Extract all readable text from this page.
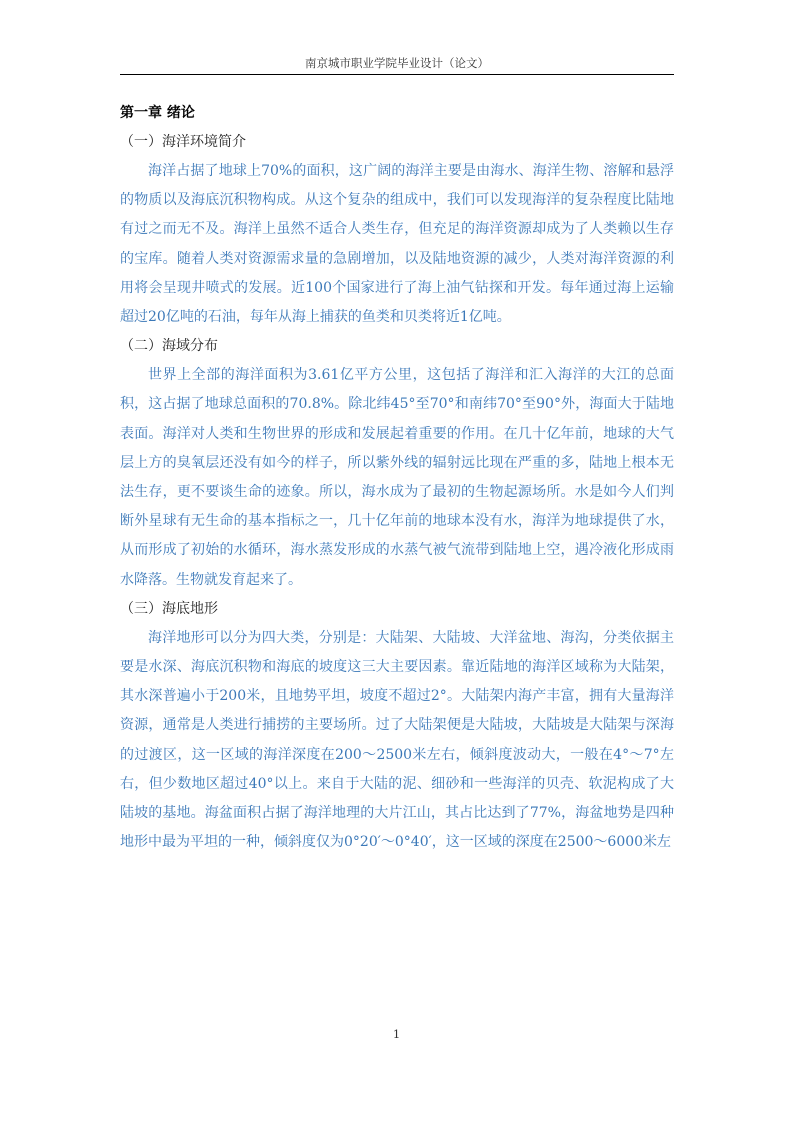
南京城市职业学院毕业设计（论文）
第一章 绪论
（一）海洋环境简介

海洋占据了地球上70%的面积，这广阔的海洋主要是由海水、海洋生物、溶解和悬浮的物质以及海底沉积物构成。从这个复杂的组成中，我们可以发现海洋的复杂程度比陆地有过之而无不及。海洋上虽然不适合人类生存，但充足的海洋资源却成为了人类赖以生存的宝库。随着人类对资源需求量的急剧增加，以及陆地资源的减少，人类对海洋资源的利用将会呈现井喷式的发展。近100个国家进行了海上油气钻探和开发。每年通过海上运输超过20亿吨的石油，每年从海上捕获的鱼类和贝类将近1亿吨。

（二）海域分布

世界上全部的海洋面积为3.61亿平方公里，这包括了海洋和汇入海洋的大江的总面积，这占据了地球总面积的70.8%。除北纬45°至70°和南纬70°至90°外，海面大于陆地表面。海洋对人类和生物世界的形成和发展起着重要的作用。在几十亿年前，地球的大气层上方的臭氧层还没有如今的样子，所以紫外线的辐射远比现在严重的多，陆地上根本无法生存，更不要谈生命的迹象。所以，海水成为了最初的生物起源场所。水是如今人们判断外星球有无生命的基本指标之一，几十亿年前的地球本没有水，海洋为地球提供了水，从而形成了初始的水循环，海水蒸发形成的水蒸气被气流带到陆地上空，遇冷液化形成雨水降落。生物就发育起来了。

（三）海底地形

海洋地形可以分为四大类，分别是：大陆架、大陆坡、大洋盆地、海沟，分类依据主要是水深、海底沉积物和海底的坡度这三大主要因素。靠近陆地的海洋区域称为大陆架，其水深普遍小于200米，且地势平坦，坡度不超过2°。大陆架内海产丰富，拥有大量海洋资源，通常是人类进行捕捞的主要场所。过了大陆架便是大陆坡，大陆坡是大陆架与深海的过渡区，这一区域的海洋深度在200～2500米左右，倾斜度波动大，一般在4°～7°左右，但少数地区超过40°以上。来自于大陆的泥、细砂和一些海洋的贝壳、软泥构成了大陆坡的基地。海盆面积占据了海洋地理的大片江山，其占比达到了77%，海盆地势是四种地形中最为平坦的一种，倾斜度仅为0°20′～0°40′，这一区域的深度在2500～6000米左

1
